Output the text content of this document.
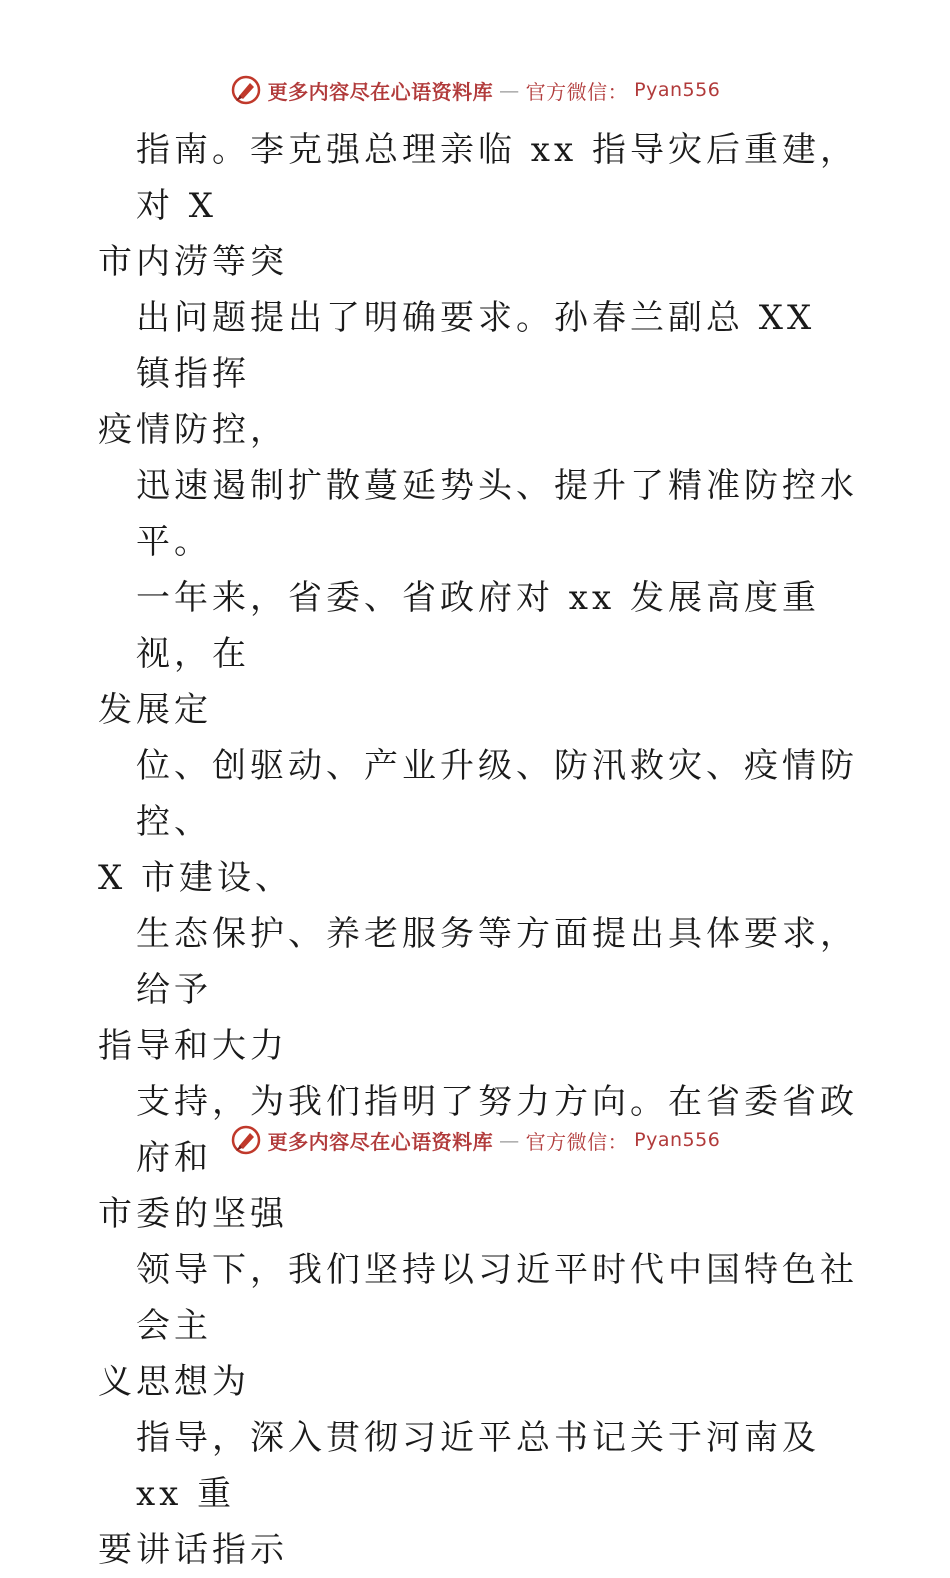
更多内容尽在心语资料库 — 官方微信： Pyan556

指南。李克强总理亲临 xx 指导灾后重建，对 X
市内涝等突

出问题提出了明确要求。孙春兰副总 XX 镇指挥
疫情防控，

迅速遏制扩散蔓延势头、提升了精准防控水平。

一年来，省委、省政府对 xx 发展高度重视，在
发展定

位、创驱动、产业升级、防汛救灾、疫情防控、
X 市建设、

生态保护、养老服务等方面提出具体要求，给予
指导和大力

支持，为我们指明了努力方向。在省委省政府和
市委的坚强

领导下，我们坚持以习近平时代中国特色社会主
义思想为

指导，深入贯彻习近平总书记关于河南及 xx 重
要讲话指示

更多内容尽在心语资料库 — 官方微信： Pyan556
